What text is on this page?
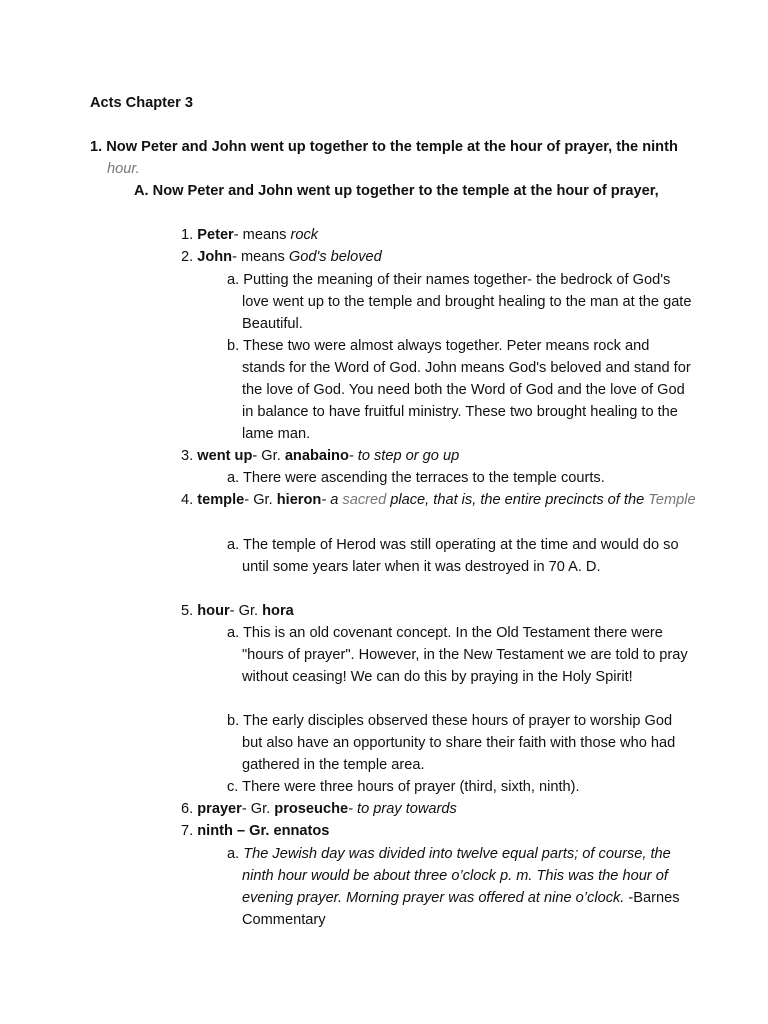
Acts Chapter 3
1. Now Peter and John went up together to the temple at the hour of prayer, the ninth hour.
A. Now Peter and John went up together to the temple at the hour of prayer,
1. Peter- means rock
2. John- means God's beloved
a. Putting the meaning of their names together- the bedrock of God's love went up to the temple and brought healing to the man at the gate Beautiful.
b. These two were almost always together. Peter means rock and stands for the Word of God. John means God's beloved and stand for the love of God. You need both the Word of God and the love of God in balance to have fruitful ministry. These two brought healing to the lame man.
3. went up- Gr. anabaino- to step or go up
a. There were ascending the terraces to the temple courts.
4. temple- Gr. hieron- a sacred place, that is, the entire precincts of the Temple
a. The temple of Herod was still operating at the time and would do so until some years later when it was destroyed in 70 A. D.
5. hour- Gr. hora
a. This is an old covenant concept. In the Old Testament there were "hours of prayer". However, in the New Testament we are told to pray without ceasing! We can do this by praying in the Holy Spirit!
b. The early disciples observed these hours of prayer to worship God but also have an opportunity to share their faith with those who had gathered in the temple area.
c. There were three hours of prayer (third, sixth, ninth).
6. prayer- Gr. proseuche- to pray towards
7. ninth – Gr. ennatos
a. The Jewish day was divided into twelve equal parts; of course, the ninth hour would be about three o’clock p. m. This was the hour of evening prayer. Morning prayer was offered at nine o’clock. -Barnes Commentary
